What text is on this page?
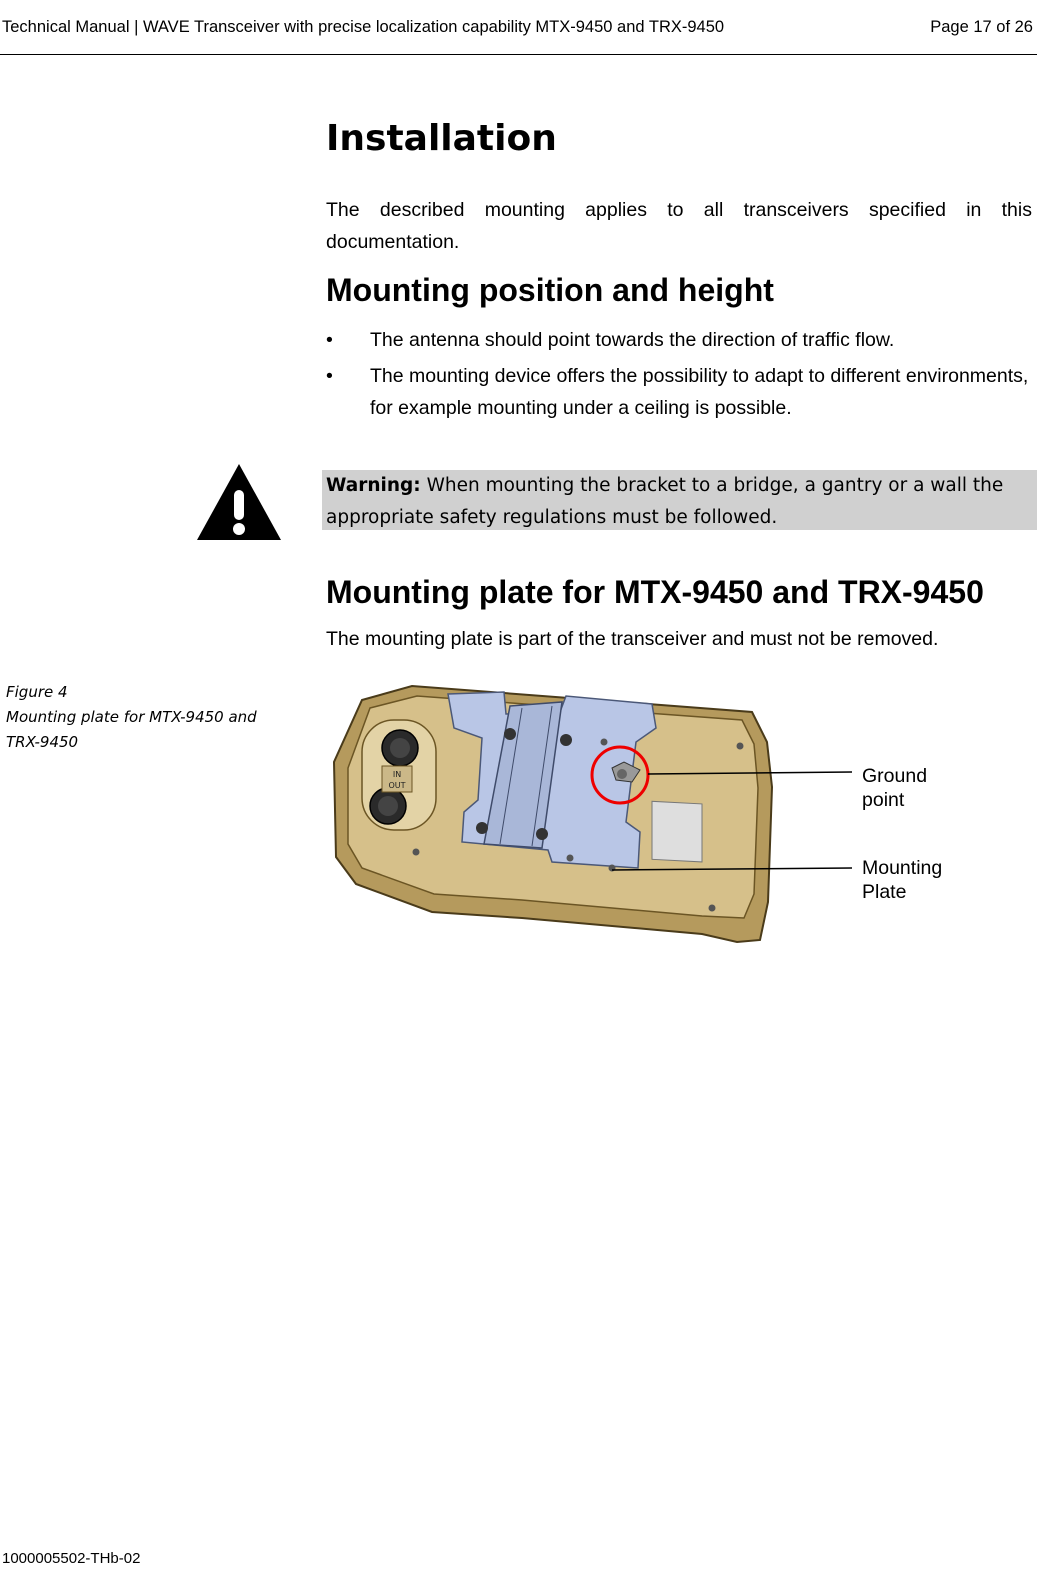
Technical Manual | WAVE Transceiver with precise localization capability MTX-9450 and TRX-9450	Page 17 of 26
Installation

The described mounting applies to all transceivers specified in this documentation.

Mounting position and height
• The antenna should point towards the direction of traffic flow.
• The mounting device offers the possibility to adapt to different environments, for example mounting under a ceiling is possible.
Warning: When mounting the bracket to a bridge, a gantry or a wall the appropriate safety regulations must be followed.
Mounting plate for MTX-9450 and TRX-9450

The mounting plate is part of the transceiver and must not be removed.

Figure 4
Mounting plate for MTX-9450 and TRX-9450
IN
OUT	Ground point
Mounting Plate
1000005502-THb-02
